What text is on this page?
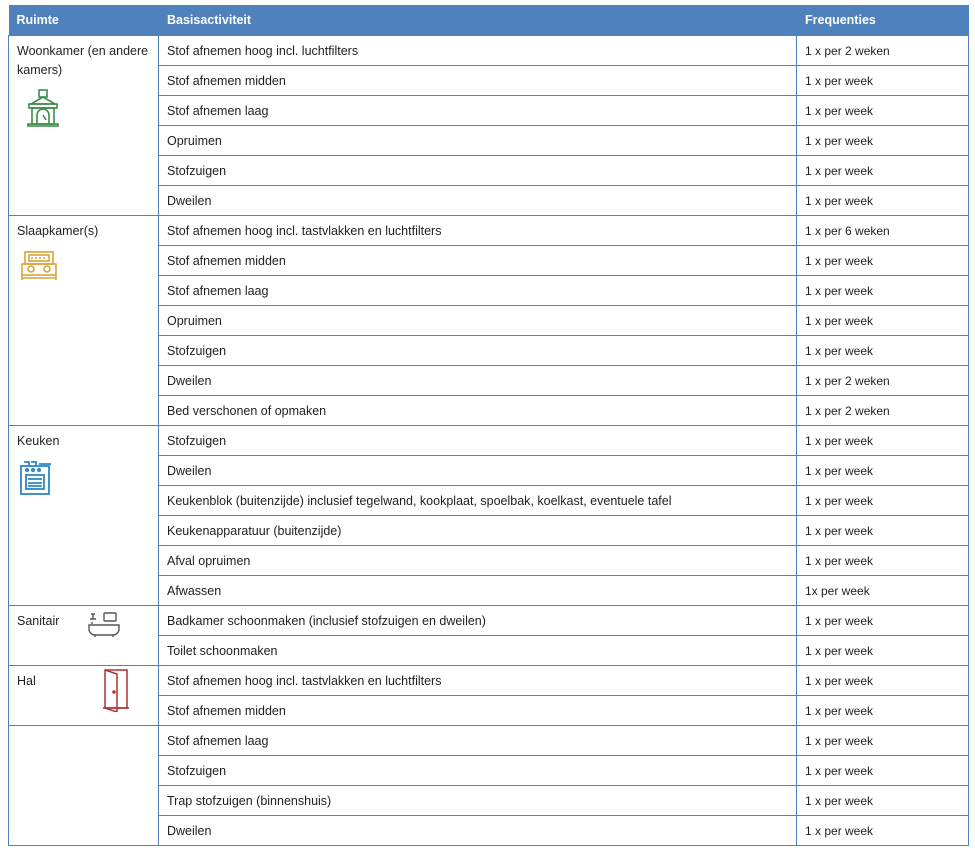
Ruimte	Basisactiviteit	Frequenties
Woonkamer (en andere kamers)	Stof afnemen hoog incl. luchtfilters	1 x per 2 weken
	Stof afnemen midden	1 x per week
	Stof afnemen laag	1 x per week
	Opruimen	1 x per week
	Stofzuigen	1 x per week
	Dweilen	1 x per week
Slaapkamer(s)	Stof afnemen hoog incl. tastvlakken en luchtfilters	1 x per 6 weken
	Stof afnemen midden	1 x per week
	Stof afnemen laag	1 x per week
	Opruimen	1 x per week
	Stofzuigen	1 x per week
	Dweilen	1 x per 2 weken
	Bed verschonen of opmaken	1 x per 2 weken
Keuken	Stofzuigen	1 x per week
	Dweilen	1 x per week
	Keukenblok (buitenzijde) inclusief tegelwand, kookplaat, spoelbak, koelkast, eventuele tafel	1 x per week
	Keukenapparatuur (buitenzijde)	1 x per week
	Afval opruimen	1 x per week
	Afwassen	1x per week
Sanitair	Badkamer schoonmaken (inclusief stofzuigen en dweilen)	1 x per week
	Toilet schoonmaken	1 x per week
Hal	Stof afnemen hoog incl. tastvlakken en luchtfilters	1 x per week
	Stof afnemen midden	1 x per week
	Stof afnemen laag	1 x per week
	Stofzuigen	1 x per week
	Trap stofzuigen (binnenshuis)	1 x per week
	Dweilen	1 x per week
